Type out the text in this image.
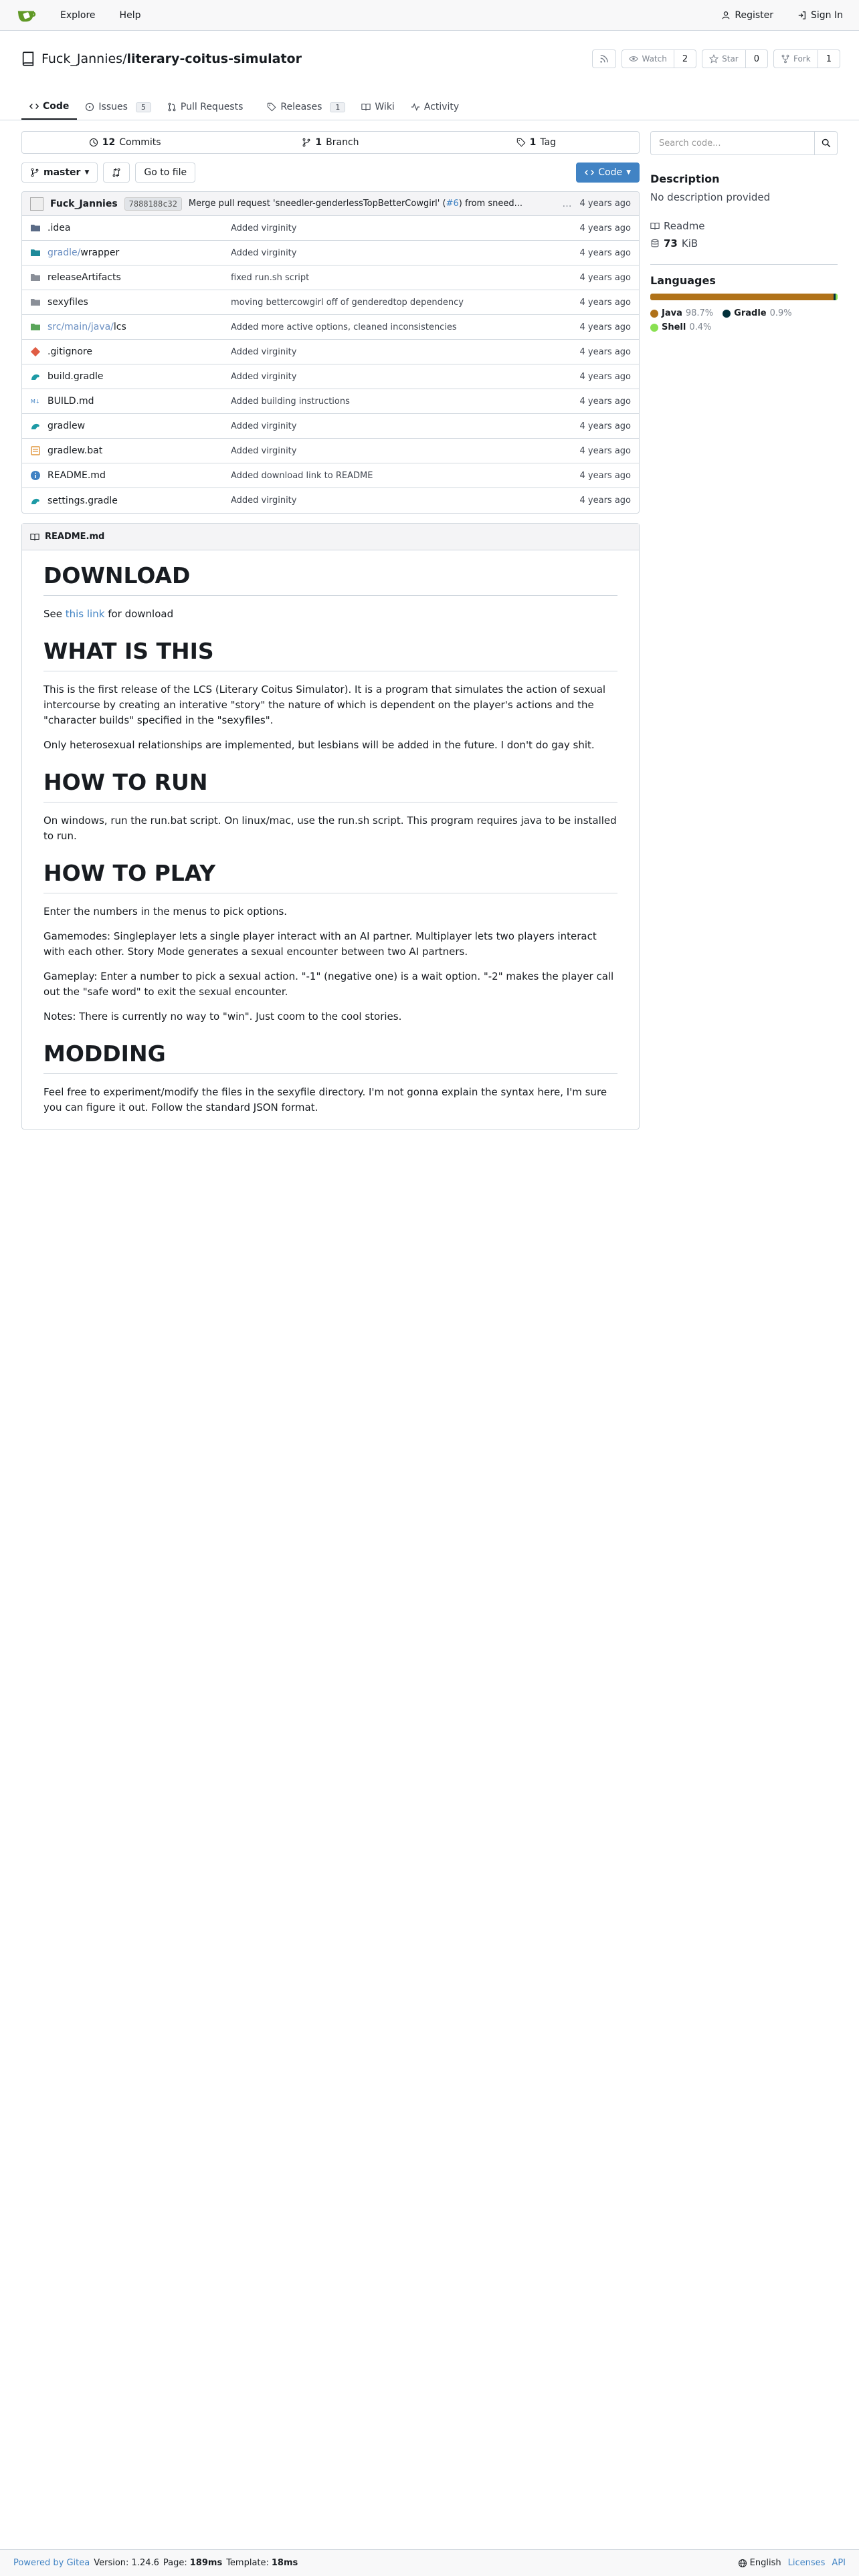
Explore	Help	Register	Sign In
Fuck_Jannies/literary-coitus-simulator	Watch	2	Star	0	Fork	1
Code	Issues	5	Pull Requests	Releases	1	Wiki	Activity
12 Commits	1 Branch	1 Tag
master ▼	Go to file	Code ▼
Fuck_Jannies	7888188c32	Merge pull request 'sneedler-genderlessTopBetterCowgirl' (#6) from sneed...	… 4 years ago
.idea	Added virginity	4 years ago
gradle/wrapper	Added virginity	4 years ago
releaseArtifacts	fixed run.sh script	4 years ago
sexyfiles	moving bettercowgirl off of genderedtop dependency	4 years ago
src/main/java/lcs	Added more active options, cleaned inconsistencies	4 years ago
.gitignore	Added virginity	4 years ago
build.gradle	Added virginity	4 years ago
M↓ BUILD.md	Added building instructions	4 years ago
gradlew	Added virginity	4 years ago
gradlew.bat	Added virginity	4 years ago
README.md	Added download link to README	4 years ago
settings.gradle	Added virginity	4 years ago
README.md
DOWNLOAD

See this link for download

WHAT IS THIS

This is the first release of the LCS (Literary Coitus Simulator). It is a program that simulates the action of sexual intercourse by creating an interative "story" the nature of which is dependent on the player's actions and the "character builds" specified in the "sexyfiles".

Only heterosexual relationships are implemented, but lesbians will be added in the future. I don't do gay shit.

HOW TO RUN

On windows, run the run.bat script. On linux/mac, use the run.sh script. This program requires java to be installed to run.

HOW TO PLAY

Enter the numbers in the menus to pick options.

Gamemodes: Singleplayer lets a single player interact with an AI partner. Multiplayer lets two players interact with each other. Story Mode generates a sexual encounter between two AI partners.

Gameplay: Enter a number to pick a sexual action. "-1" (negative one) is a wait option. "-2" makes the player call out the "safe word" to exit the sexual encounter.

Notes: There is currently no way to "win". Just coom to the cool stories.

MODDING

Feel free to experiment/modify the files in the sexyfile directory. I'm not gonna explain the syntax here, I'm sure you can figure it out. Follow the standard JSON format.

Search code...
Description
No description provided
Readme
73 KiB
Languages
Java 98.7% Gradle 0.9%
Shell 0.4%
Powered by Gitea Version: 1.24.6 Page: 189ms Template: 18ms	English Licenses API
